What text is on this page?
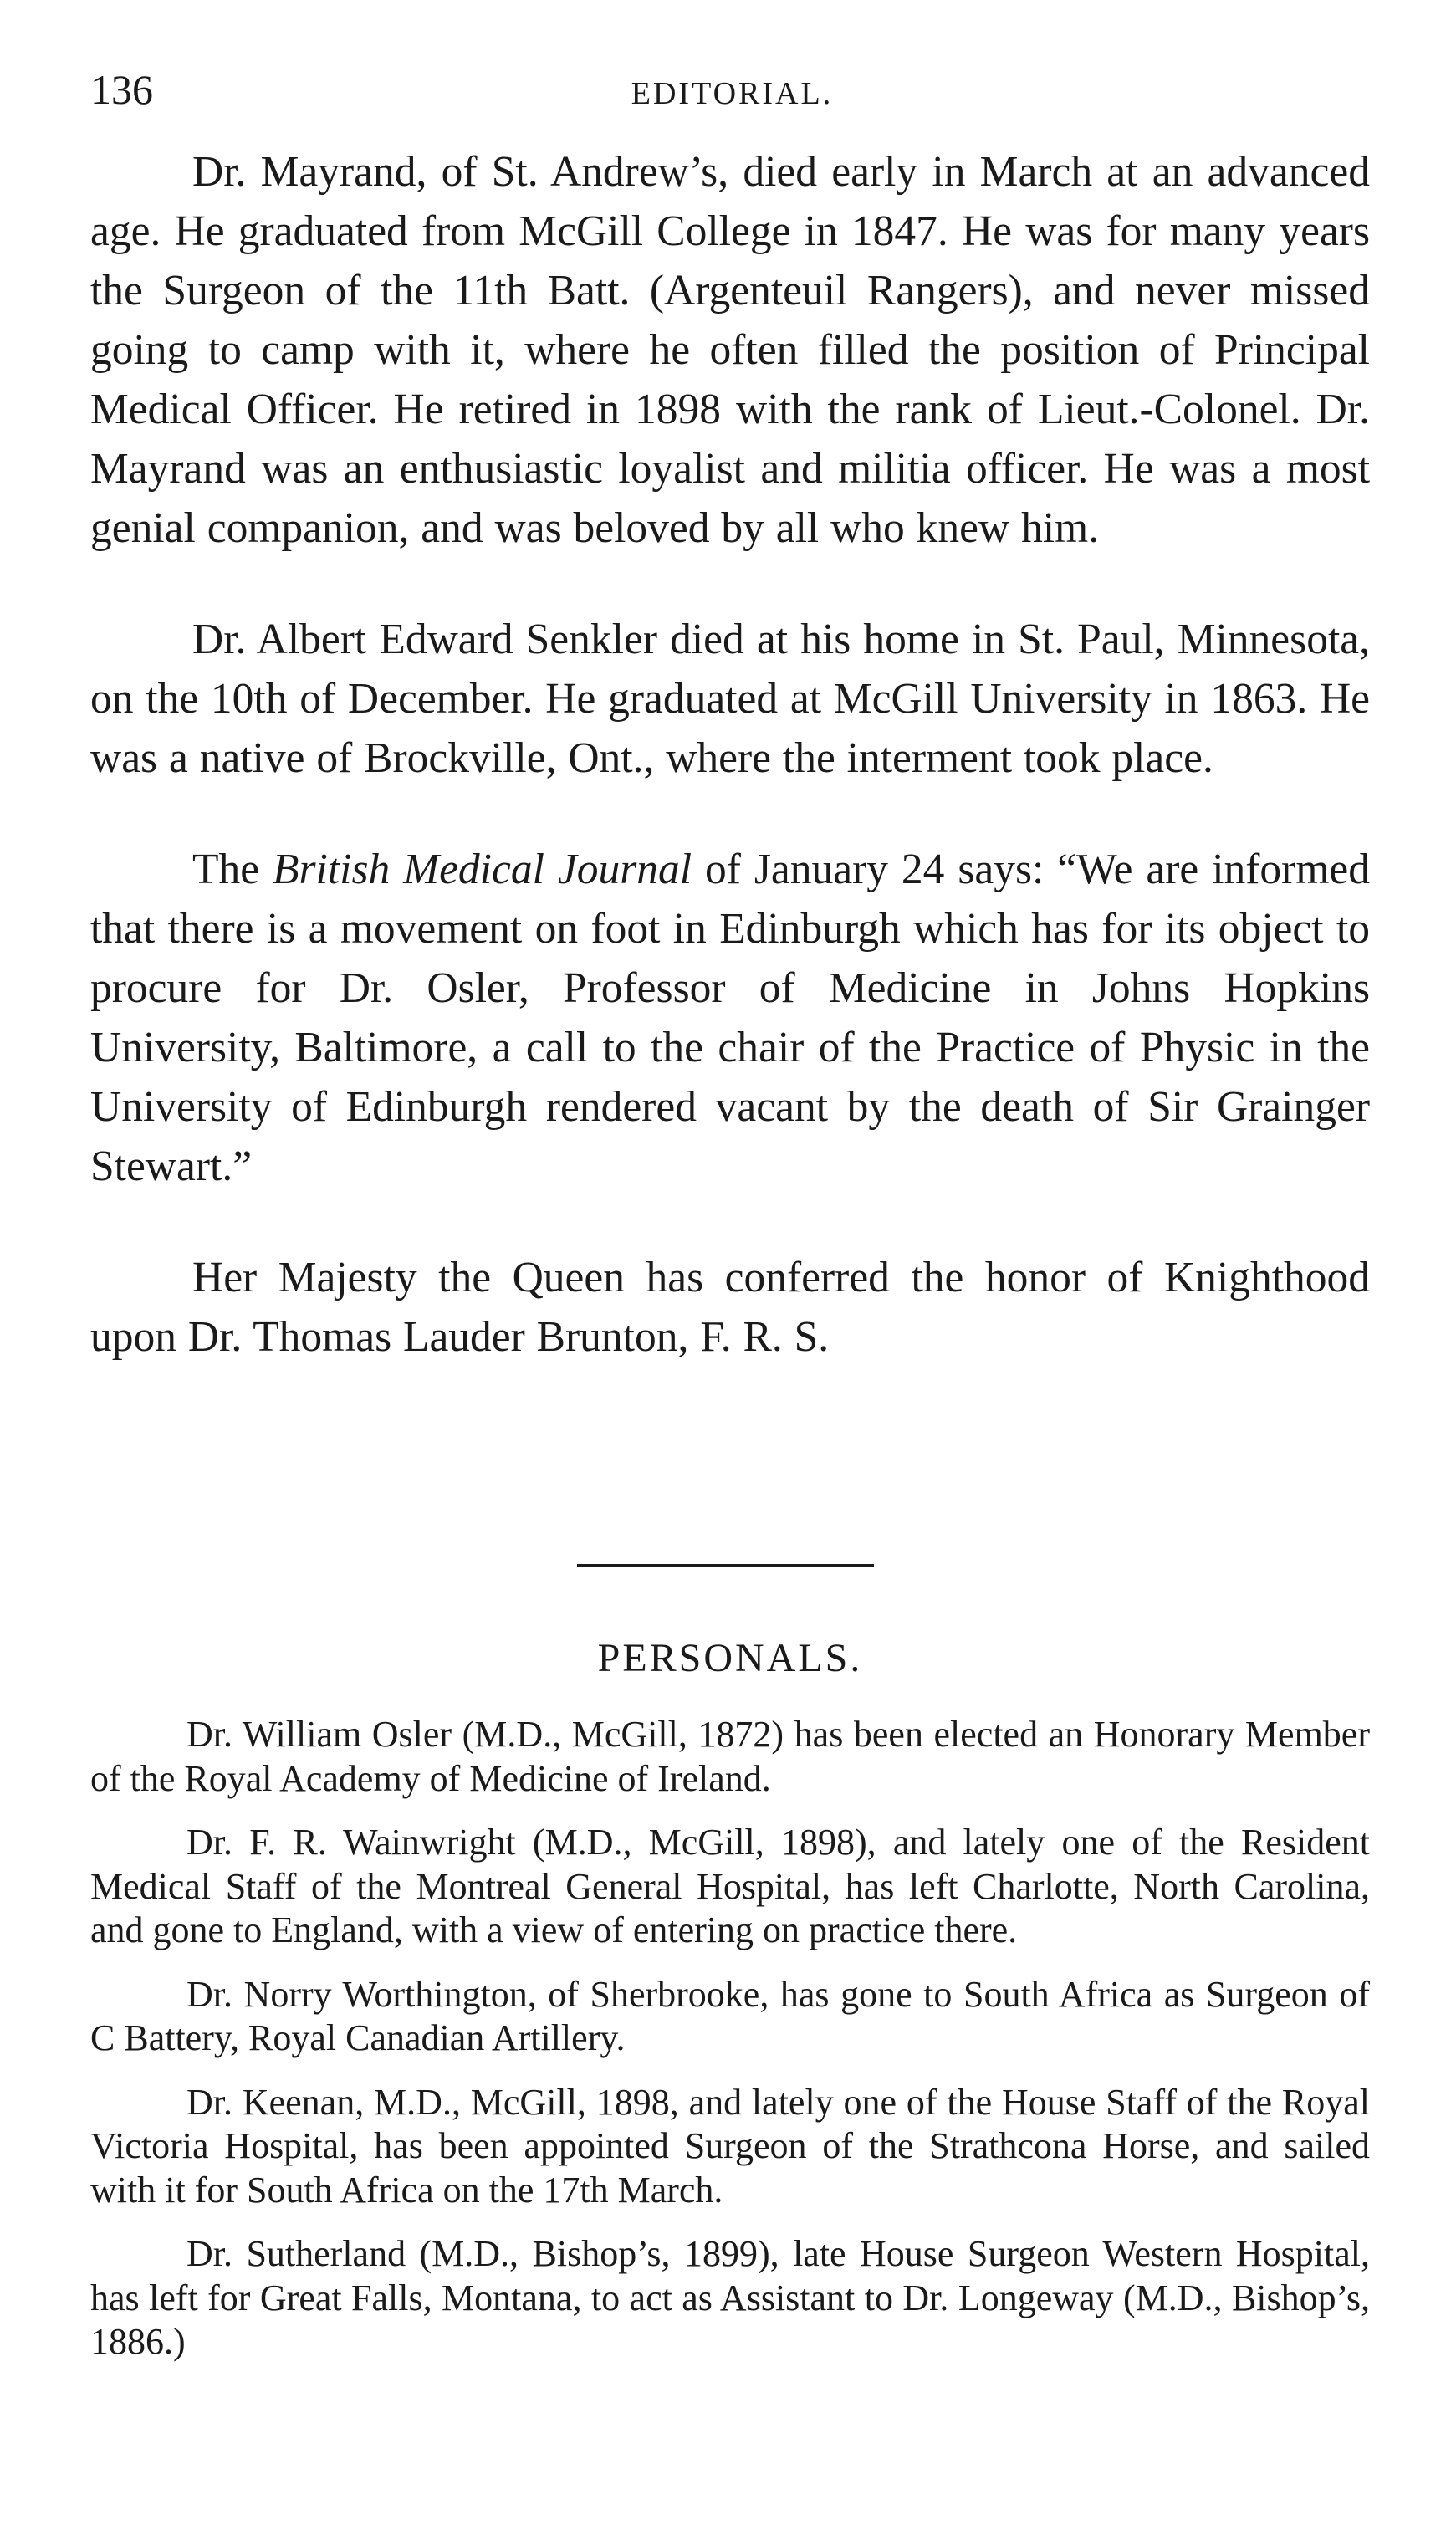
136	EDITORIAL.

Dr. Mayrand, of St. Andrew’s, died early in March at an advanced age. He graduated from McGill College in 1847. He was for many years the Surgeon of the 11th Batt. (Argenteuil Rangers), and never missed going to camp with it, where he often filled the position of Principal Medical Officer. He retired in 1898 with the rank of Lieut.-Colonel. Dr. Mayrand was an enthusiastic loyalist and militia officer. He was a most genial companion, and was beloved by all who knew him.

Dr. Albert Edward Senkler died at his home in St. Paul, Minnesota, on the 10th of December. He graduated at McGill University in 1863. He was a native of Brockville, Ont., where the interment took place.

The British Medical Journal of January 24 says: “We are informed that there is a movement on foot in Edinburgh which has for its object to procure for Dr. Osler, Professor of Medicine in Johns Hopkins University, Baltimore, a call to the chair of the Practice of Physic in the University of Edinburgh rendered vacant by the death of Sir Grainger Stewart.”

Her Majesty the Queen has conferred the honor of Knighthood upon Dr. Thomas Lauder Brunton, F. R. S.

PERSONALS.

Dr. William Osler (M.D., McGill, 1872) has been elected an Honorary Member of the Royal Academy of Medicine of Ireland.

Dr. F. R. Wainwright (M.D., McGill, 1898), and lately one of the Resident Medical Staff of the Montreal General Hospital, has left Charlotte, North Carolina, and gone to England, with a view of entering on practice there.

Dr. Norry Worthington, of Sherbrooke, has gone to South Africa as Surgeon of C Battery, Royal Canadian Artillery.

Dr. Keenan, M.D., McGill, 1898, and lately one of the House Staff of the Royal Victoria Hospital, has been appointed Surgeon of the Strathcona Horse, and sailed with it for South Africa on the 17th March.

Dr. Sutherland (M.D., Bishop’s, 1899), late House Surgeon Western Hospital, has left for Great Falls, Montana, to act as Assistant to Dr. Longeway (M.D., Bishop’s, 1886.)
